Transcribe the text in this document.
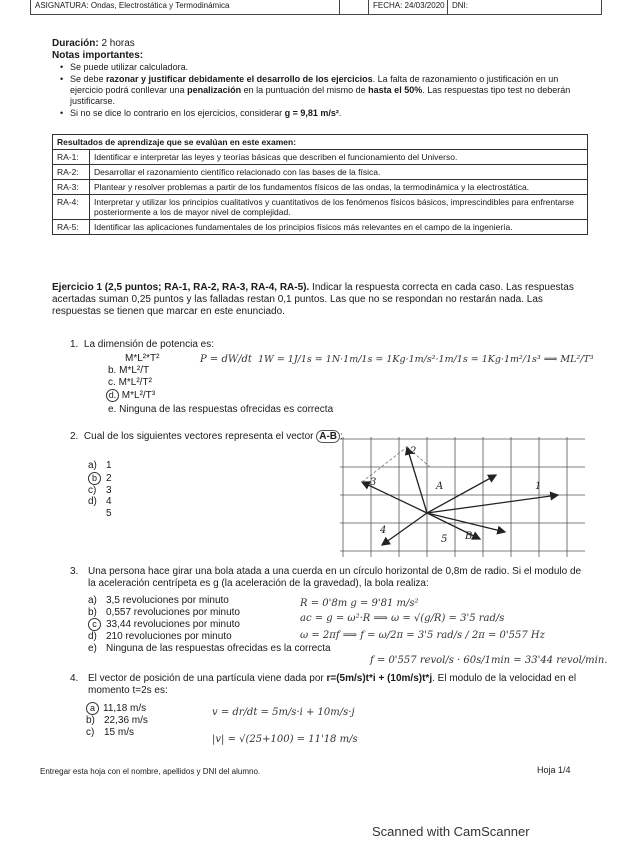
ASIGNATURA: Ondas, Electrostática y Termodinámica	FECHA: 24/03/2020 DNI:
Duración: 2 horas
Notas importantes:
• Se puede utilizar calculadora.
• Se debe razonar y justificar debidamente el desarrollo de los ejercicios. La falta de razonamiento o justificación en un ejercicio podrá conllevar una penalización en la puntuación del mismo de hasta el 50%. Las respuestas tipo test no deberán justificarse.
• Si no se dice lo contrario en los ejercicios, considerar g = 9,81 m/s².
Resultados de aprendizaje que se evalúan en este examen:	
RA-1:	Identificar e interpretar las leyes y teorías básicas que describen el funcionamiento del Universo.
RA-2:	Desarrollar el razonamiento científico relacionado con las bases de la física.
RA-3:	Plantear y resolver problemas a partir de los fundamentos físicos de las ondas, la termodinámica y la electrostática.
RA-4:	Interpretar y utilizar los principios cualitativos y cuantitativos de los fenómenos físicos básicos, imprescindibles para enfrentarse posteriormente a los de mayor nivel de complejidad.
RA-5:	Identificar las aplicaciones fundamentales de los principios físicos más relevantes en el campo de la ingeniería.
Ejercicio 1 (2,5 puntos; RA-1, RA-2, RA-3, RA-4, RA-5). Indicar la respuesta correcta en cada caso. Las respuestas acertadas suman 0,25 puntos y las falladas restan 0,1 puntos. Las que no se respondan no restarán nada. Las respuestas se tienen que marcar en este enunciado.
1. La dimensión de potencia es:
M*L²*T²
b. M*L²/T
c. M*L²/T²
d. M*L²/T³
e. Ninguna de las respuestas ofrecidas es correcta
P = dW/dt 1W = 1J/1s = 1N·1m/1s = 1Kg·1m/s²·1m/1s = 1Kg·1m²/1s³ ⟹ ML²/T³
2. Cual de los siguientes vectores representa el vector A-B :
a) 1
b 2
c) 3
d) 4
5
1
2
3
4
5
A
B
3. Una persona hace girar una bola atada a una cuerda en un círculo horizontal de 0,8m de radio. Si el modulo de la aceleración centrípeta es g (la aceleración de la gravedad), la bola realiza:
a) 3,5 revoluciones por minuto
b) 0,557 revoluciones por minuto
c 33,44 revoluciones por minuto
d) 210 revoluciones por minuto
e) Ninguna de las respuestas ofrecidas es la correcta
R = 0'8m g = 9'81 m/s²
ac = g = ω²·R ⟹ ω = √(g/R) = 3'5 rad/s
ω = 2πf ⟹ f = ω/2π = 3'5 rad/s / 2π = 0'557 Hz
f = 0'557 revol/s · 60s/1min = 33'44 revol/min.
4. El vector de posición de una partícula viene dada por r=(5m/s)t*i + (10m/s)t*j. El modulo de la velocidad en el momento t=2s es:
a 11,18 m/s
b) 22,36 m/s
c) 15 m/s
v = dr/dt = 5m/s·i + 10m/s·j
|v| = √(25+100) = 11'18 m/s
Entregar esta hoja con el nombre, apellidos y DNI del alumno.	Hoja 1/4
Scanned with CamScanner
